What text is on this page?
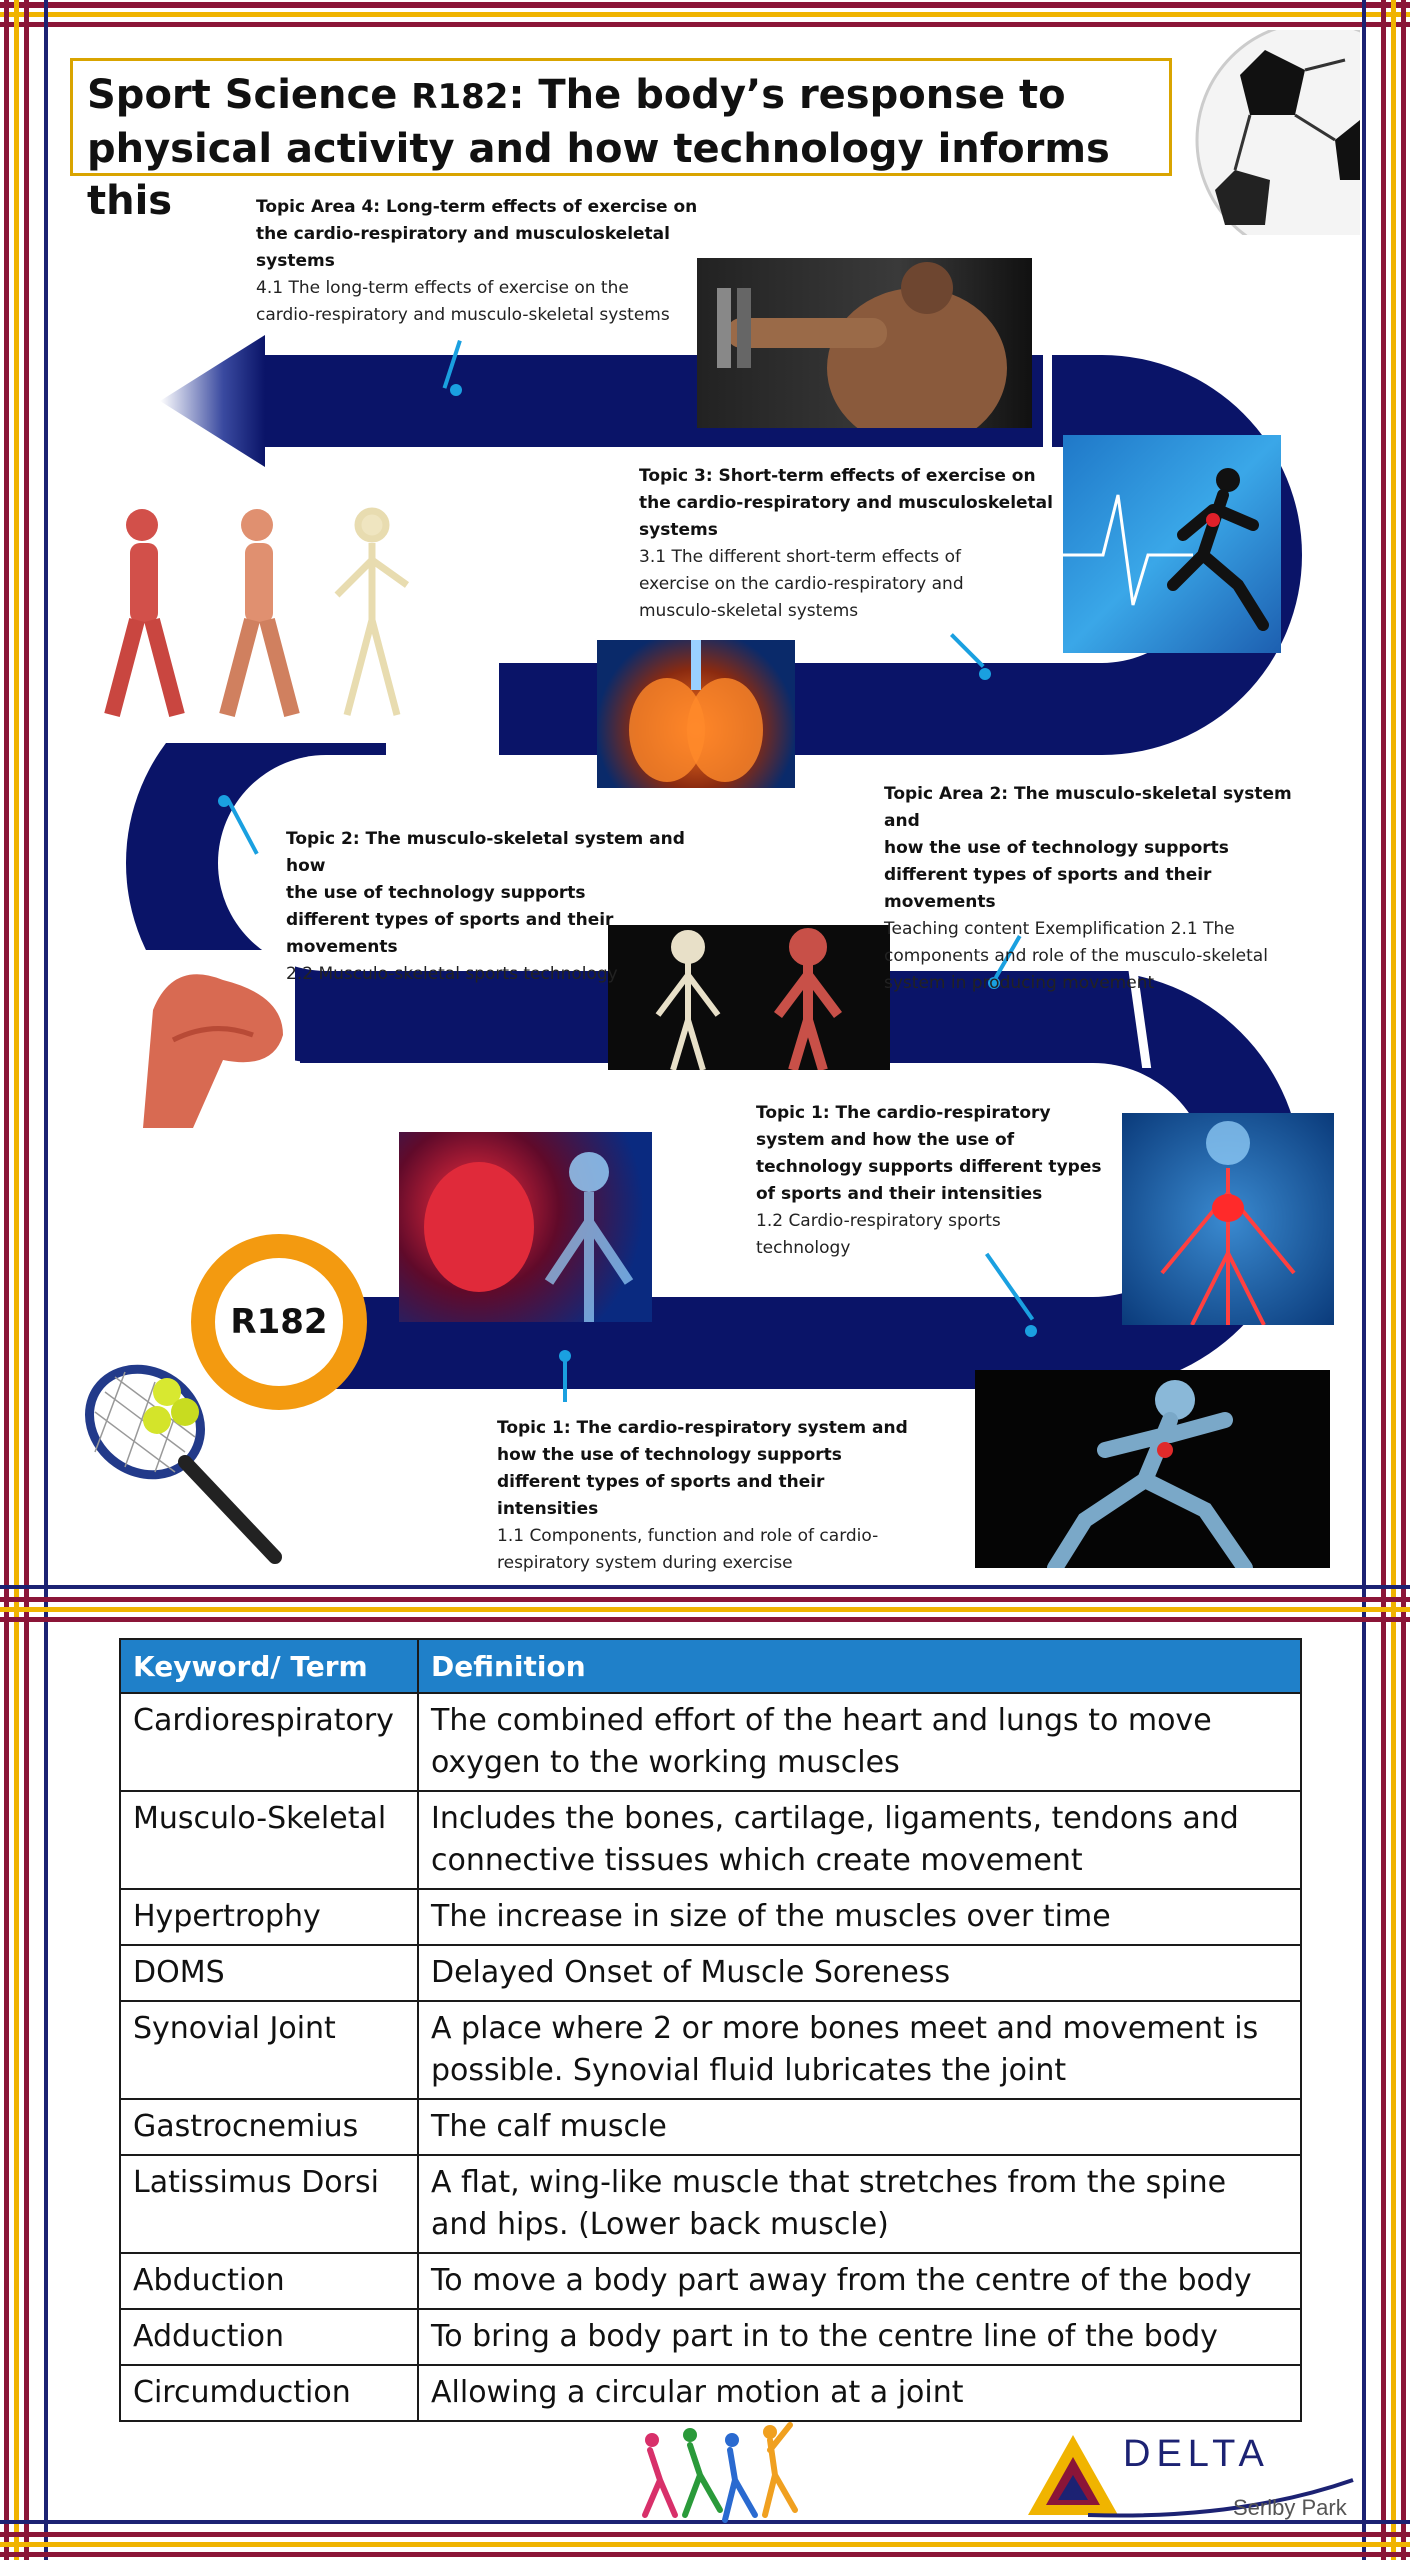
Sport Science R182: The body’s response to physical activity and how technology informs this
R182
Topic Area 4: Long-term effects of exercise on
the cardio-respiratory and musculoskeletal
systems
4.1 The long-term effects of exercise on the
cardio-respiratory and musculo-skeletal systems
Topic 3: Short-term effects of exercise on
the cardio-respiratory and musculoskeletal
systems
3.1 The different short-term effects of
exercise on the cardio-respiratory and
musculo-skeletal systems
Topic Area 2: The musculo-skeletal system and
how the use of technology supports
different types of sports and their movements
Teaching content Exemplification 2.1 The
components and role of the musculo-skeletal
system in producing movement
Topic 2: The musculo-skeletal system and how
the use of technology supports
different types of sports and their movements
2.2 Musculo-skeletal sports technology
Topic 1: The cardio-respiratory
system and how the use of
technology supports different types
of sports and their intensities
1.2 Cardio-respiratory sports
technology
Topic 1: The cardio-respiratory system and
how the use of technology supports
different types of sports and their
intensities
1.1 Components, function and role of cardio-
respiratory system during exercise
Keyword/ Term	Definition
Cardiorespiratory	The combined effort of the heart and lungs to move oxygen to the working muscles
Musculo-Skeletal	Includes the bones, cartilage, ligaments, tendons and connective tissues which create movement
Hypertrophy	The increase in size of the muscles over time
DOMS	Delayed Onset of Muscle Soreness
Synovial Joint	A place where 2 or more bones meet and movement is possible. Synovial fluid lubricates the joint
Gastrocnemius	The calf muscle
Latissimus Dorsi	A flat, wing-like muscle that stretches from the spine and hips. (Lower back muscle)
Abduction	To move a body part away from the centre of the body
Adduction	To bring a body part in to the centre line of the body
Circumduction	Allowing a circular motion at a joint
DELTA
Serlby Park
